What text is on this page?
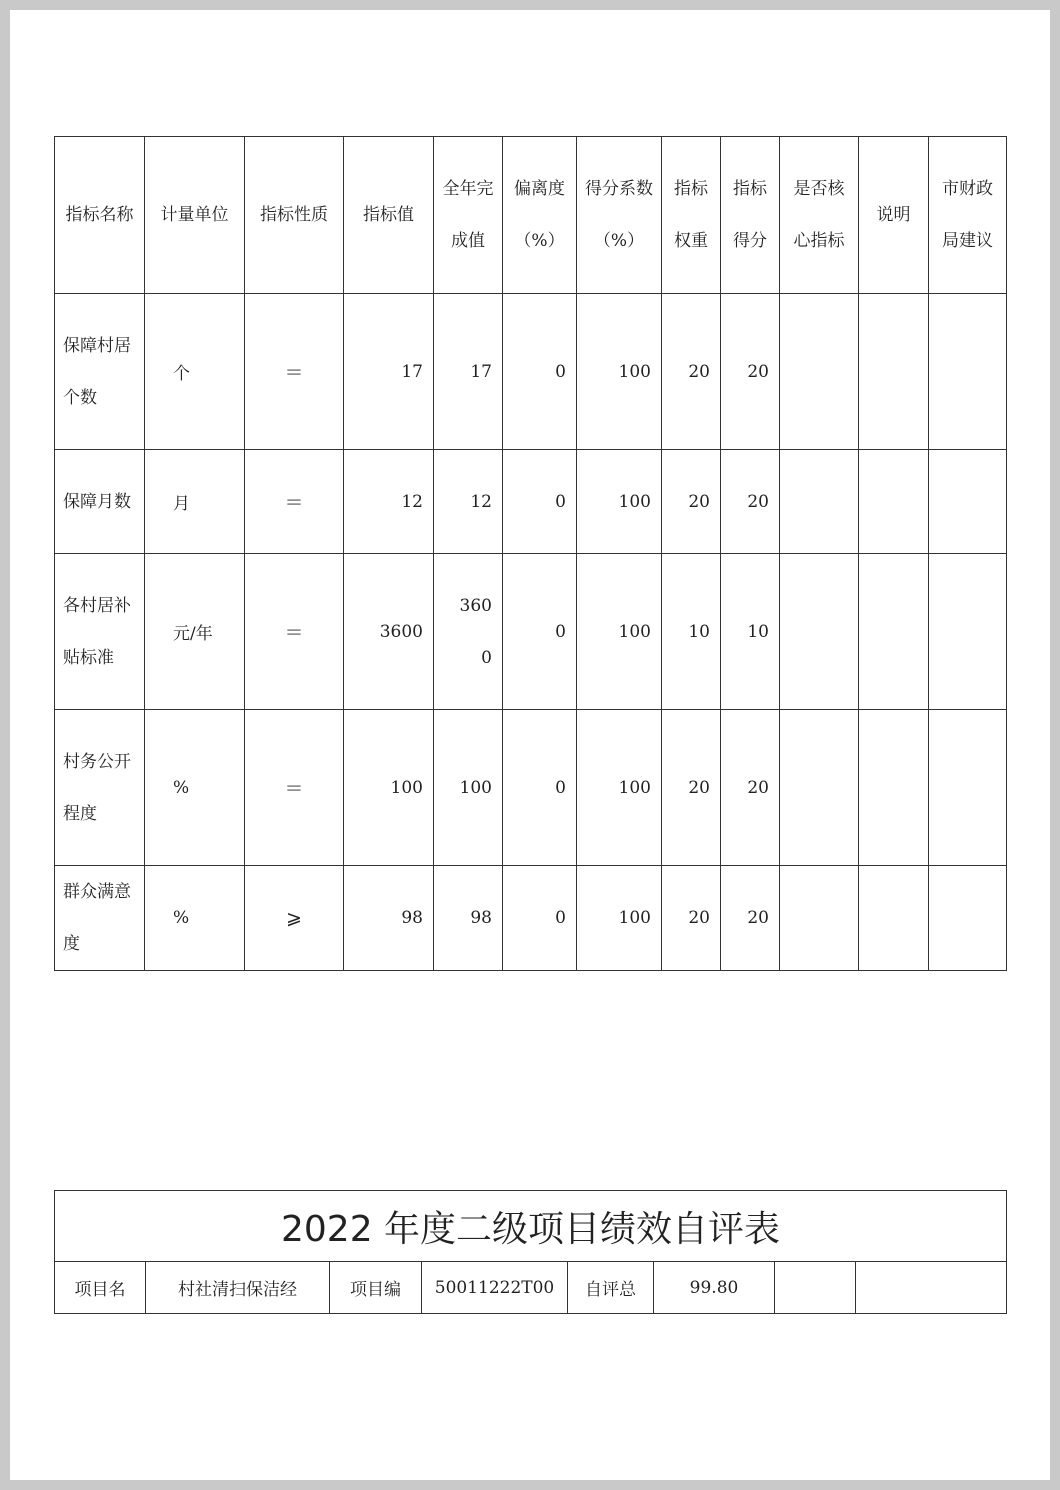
指标名称	计量单位	指标性质	指标值	全年完成值	偏离度（%）	得分系数（%）	指标权重	指标得分	是否核心指标	说明	市财政局建议
保障村居个数	个	＝	17	17	0	100	20	20			
保障月数	月	＝	12	12	0	100	20	20			
各村居补贴标准	元/年	＝	3600	3600	0	100	10	10			
村务公开程度	%	＝	100	100	0	100	20	20			
群众满意度	%	⩾	98	98	0	100	20	20			
2022 年度二级项目绩效自评表
项目名	村社清扫保洁经	项目编	50011222T00	自评总	99.80		
